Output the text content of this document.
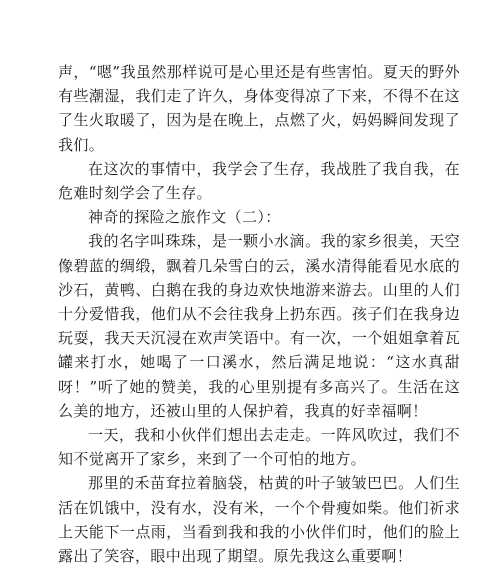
声，“嗯”我虽然那样说可是心里还是有些害怕。夏天的野外有些潮湿，我们走了许久，身体变得凉了下来，不得不在这了生火取暖了，因为是在晚上，点燃了火，妈妈瞬间发现了我们。

在这次的事情中，我学会了生存，我战胜了我自我，在危难时刻学会了生存。

神奇的探险之旅作文（二）：

我的名字叫珠珠，是一颗小水滴。我的家乡很美，天空像碧蓝的绸缎，飘着几朵雪白的云，溪水清得能看见水底的沙石，黄鸭、白鹅在我的身边欢快地游来游去。山里的人们十分爱惜我，他们从不会往我身上扔东西。孩子们在我身边玩耍，我天天沉浸在欢声笑语中。有一次，一个姐姐拿着瓦罐来打水，她喝了一口溪水，然后满足地说：“这水真甜呀！”听了她的赞美，我的心里别提有多高兴了。生活在这么美的地方，还被山里的人保护着，我真的好幸福啊！

一天，我和小伙伴们想出去走走。一阵风吹过，我们不知不觉离开了家乡，来到了一个可怕的地方。

那里的禾苗耷拉着脑袋，枯黄的叶子皱皱巴巴。人们生活在饥饿中，没有水，没有米，一个个骨瘦如柴。他们祈求上天能下一点雨，当看到我和我的小伙伴们时，他们的脸上露出了笑容，眼中出现了期望。原先我这么重要啊！
